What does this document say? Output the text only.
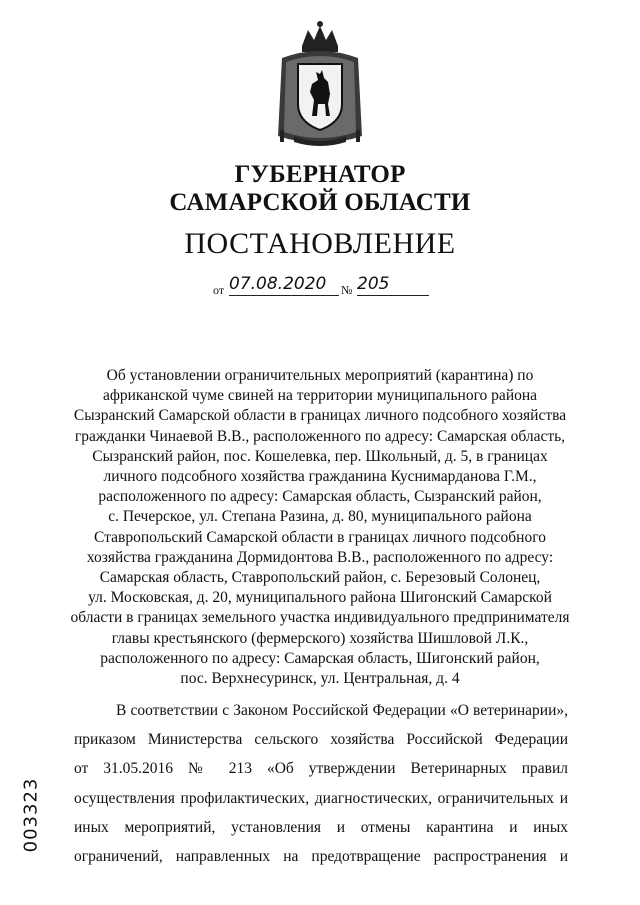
ГУБЕРНАТОР
САМАРСКОЙ ОБЛАСТИ
ПОСТАНОВЛЕНИЕ
от 07.08.2020	№ 205
Об установлении ограничительных мероприятий (карантина) по
африканской чуме свиней на территории муниципального района
Сызранский Самарской области в границах личного подсобного хозяйства
гражданки Чинаевой В.В., расположенного по адресу: Самарская область,
Сызранский район, пос. Кошелевка, пер. Школьный, д. 5, в границах
личного подсобного хозяйства гражданина Куснимарданова Г.М.,
расположенного по адресу: Самарская область, Сызранский район,
с. Печерское, ул. Степана Разина, д. 80, муниципального района
Ставропольский Самарской области в границах личного подсобного
хозяйства гражданина Дормидонтова В.В., расположенного по адресу:
Самарская область, Ставропольский район, с. Березовый Солонец,
ул. Московская, д. 20, муниципального района Шигонский Самарской
области в границах земельного участка индивидуального предпринимателя
главы крестьянского (фермерского) хозяйства Шишловой Л.К.,
расположенного по адресу: Самарская область, Шигонский район,
пос. Верхнесуринск, ул. Центральная, д. 4
В соответствии с Законом Российской Федерации «О ветеринарии»,
приказом Министерства сельского хозяйства Российской Федерации
от 31.05.2016 № 213 «Об утверждении Ветеринарных правил
осуществления профилактических, диагностических, ограничительных и
иных мероприятий, установления и отмены карантина и иных
ограничений, направленных на предотвращение распространения и
003323
